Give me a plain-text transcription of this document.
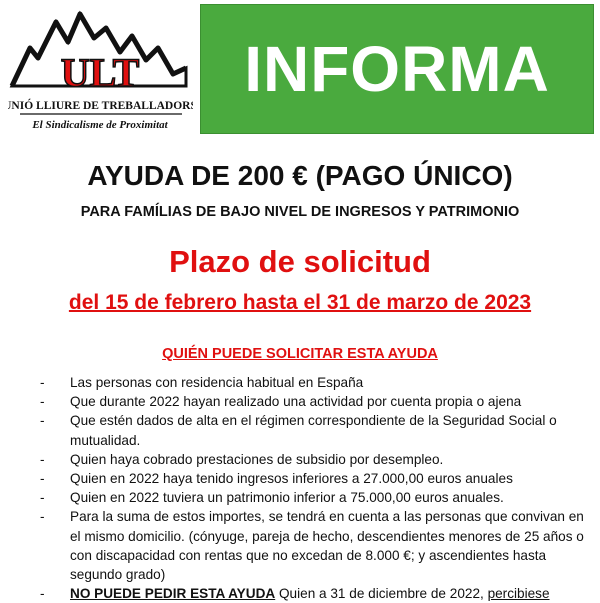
ULT
UNIÓ LLIURE DE TREBALLADORS
El Sindicalisme de Proximitat
INFORMA
AYUDA DE 200 € (PAGO ÚNICO)
PARA FAMÍLIAS DE BAJO NIVEL DE INGRESOS Y PATRIMONIO
Plazo de solicitud
del 15 de febrero hasta el 31 de marzo de 2023
QUIÉN PUEDE SOLICITAR ESTA AYUDA
-	Las personas con residencia habitual en España
-	Que durante 2022 hayan realizado una actividad por cuenta propia o ajena
-	Que estén dados de alta en el régimen correspondiente de la Seguridad Social o mutualidad.
-	Quien haya cobrado prestaciones de subsidio por desempleo.
-	Quien en 2022 haya tenido ingresos inferiores a 27.000,00 euros anuales
-	Quien en 2022 tuviera un patrimonio inferior a 75.000,00 euros anuales.
-	Para la suma de estos importes, se tendrá en cuenta a las personas que convivan en el mismo domicilio. (cónyuge, pareja de hecho, descendientes menores de 25 años o con discapacidad con rentas que no excedan de 8.000 €; y ascendientes hasta segundo grado)
-	NO PUEDE PEDIR ESTA AYUDA Quien a 31 de diciembre de 2022, percibiese
